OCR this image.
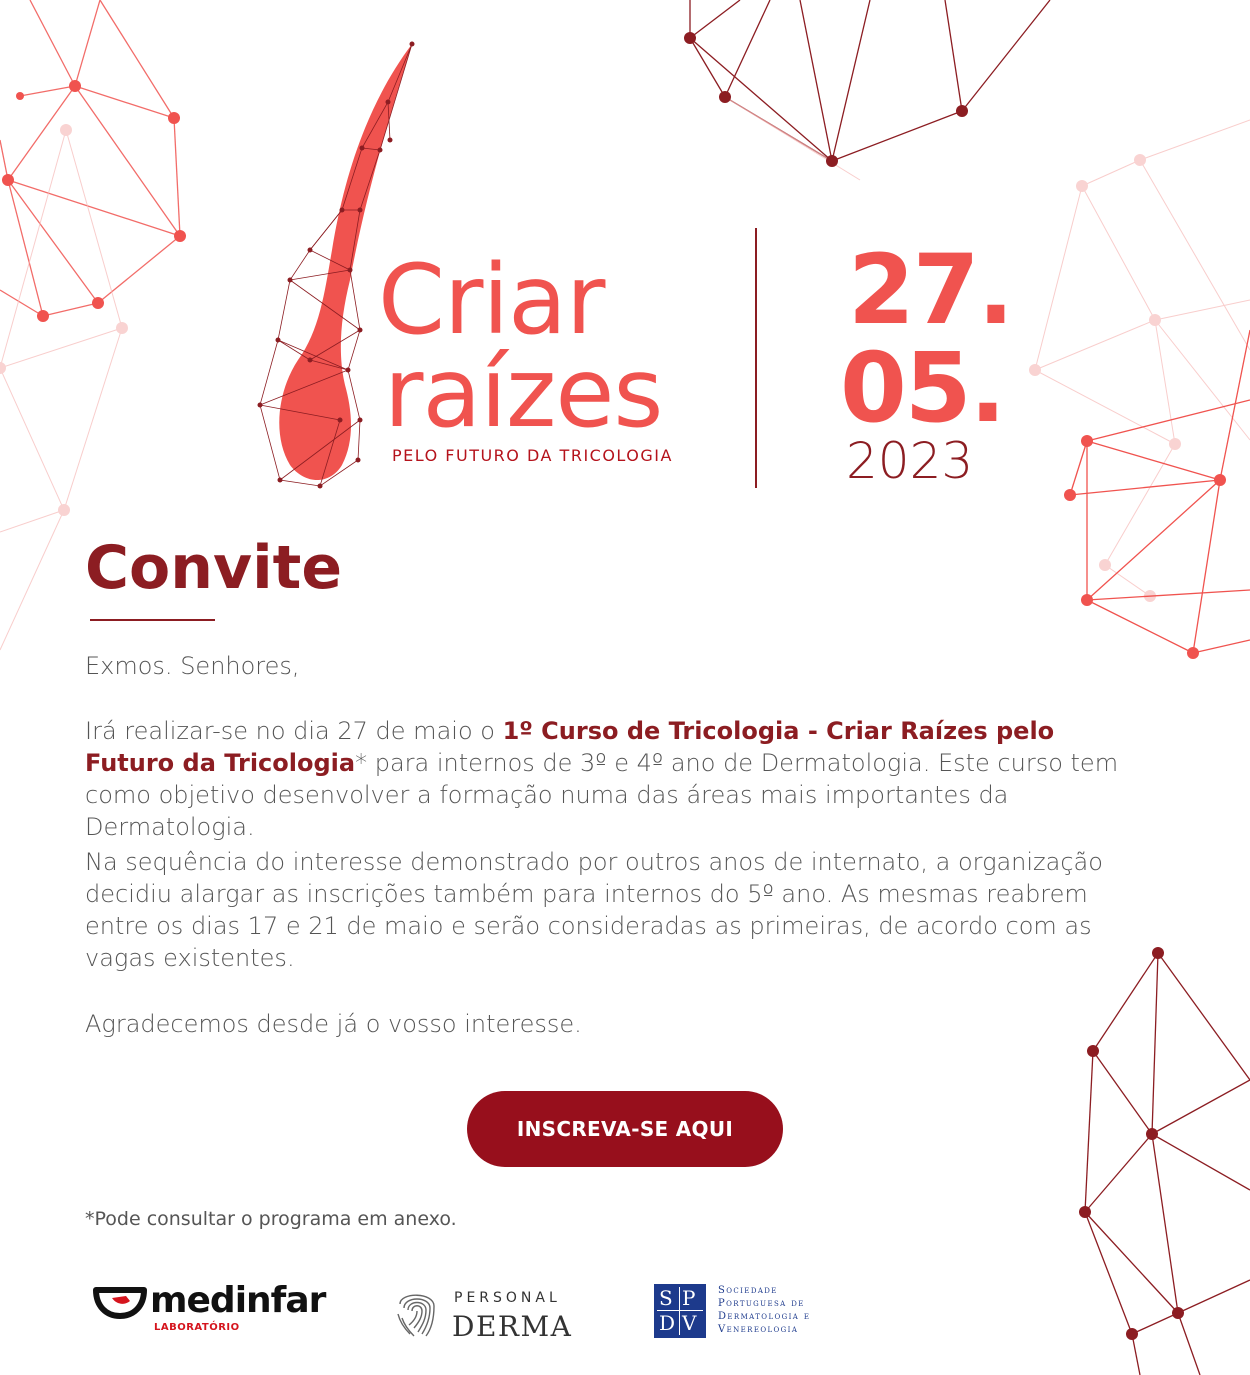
Criar
raízes
PELO FUTURO DA TRICOLOGIA
27.
05.
2023
Convite

Exmos. Senhores,

Irá realizar-se no dia 27 de maio o 1º Curso de Tricologia - Criar Raízes pelo Futuro da Tricologia* para internos de 3º e 4º ano de Dermatologia. Este curso tem como objetivo desenvolver a formação numa das áreas mais importantes da Dermatologia.

Na sequência do interesse demonstrado por outros anos de internato, a organização decidiu alargar as inscrições também para internos do 5º ano. As mesmas reabrem entre os dias 17 e 21 de maio e serão consideradas as primeiras, de acordo com as vagas existentes.

Agradecemos desde já o vosso interesse.

INSCREVA-SE AQUI

*Pode consultar o programa em anexo.

medinfar
LABORATÓRIO
PERSONAL
DERMA
S P
D V
Sociedade
Portuguesa de
Dermatologia e
Venereologia
